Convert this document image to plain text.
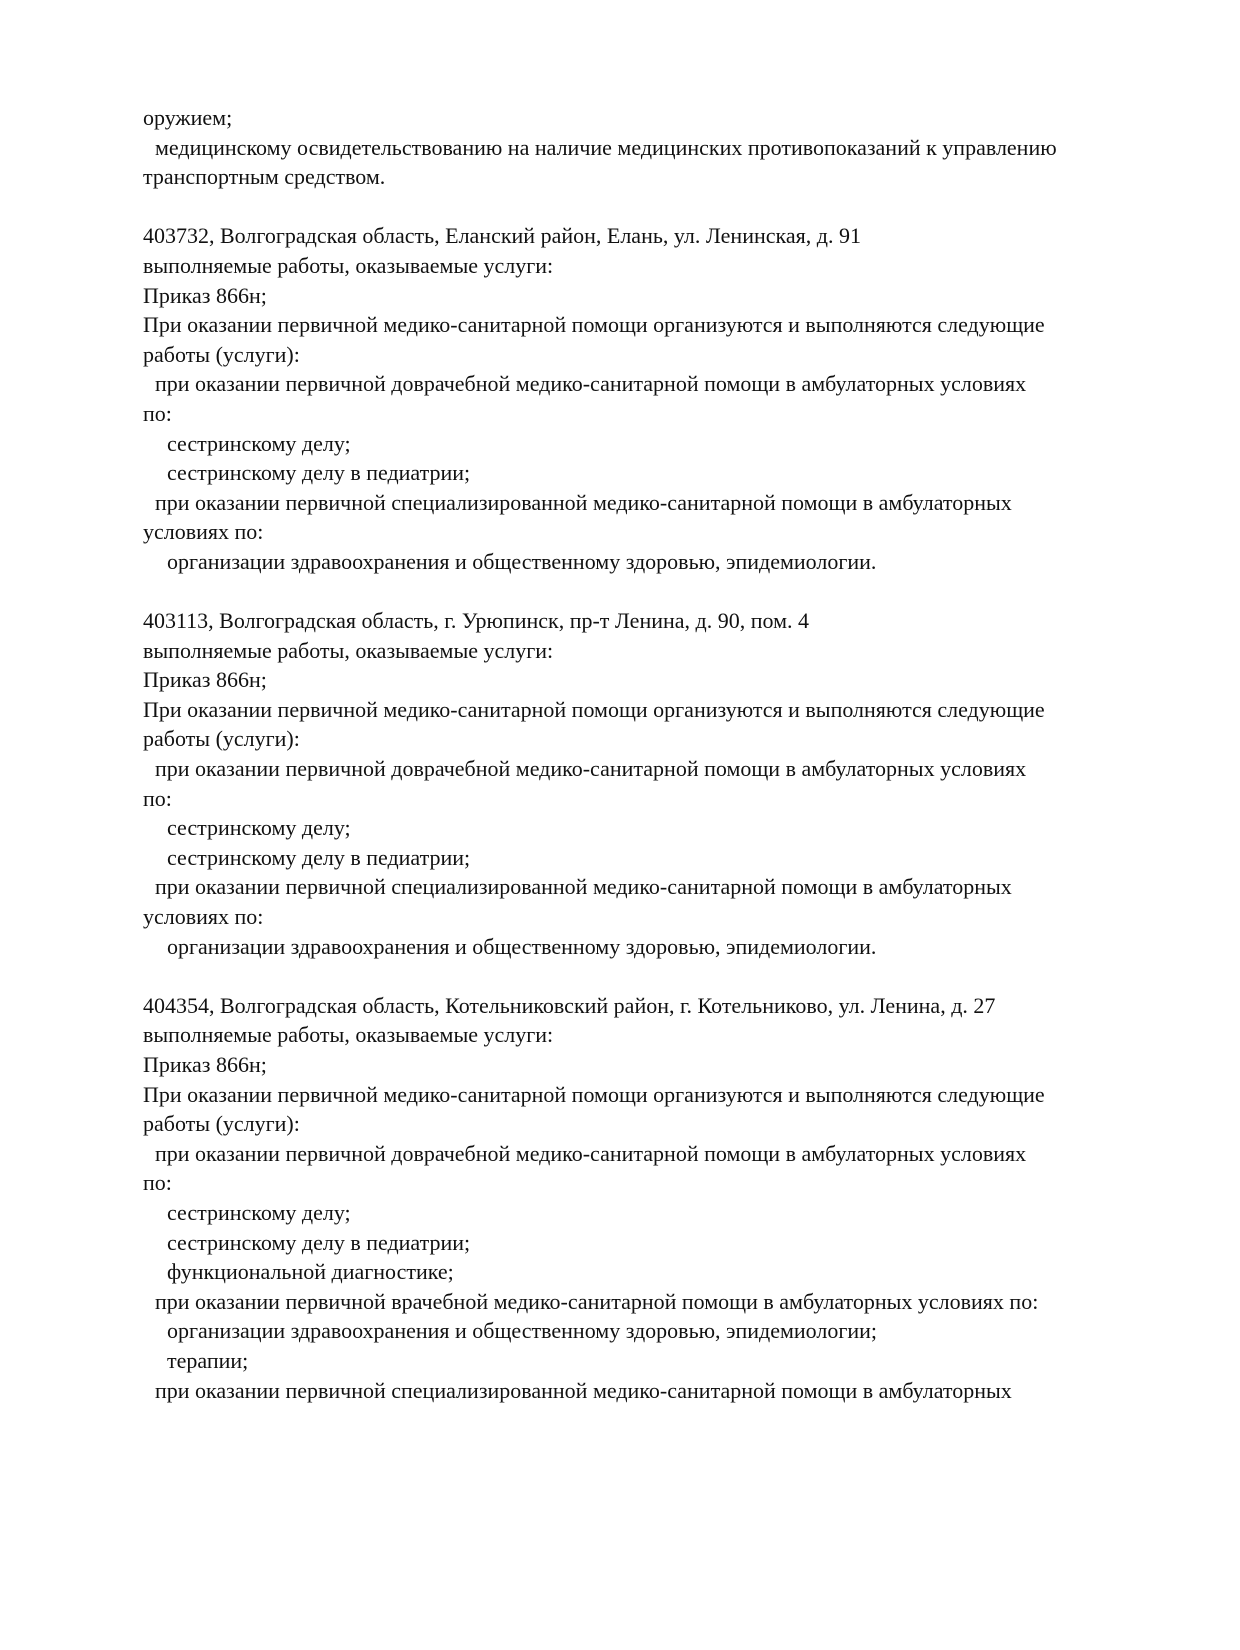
оружием;
медицинскому освидетельствованию на наличие медицинских противопоказаний к управлению
транспортным средством.
403732, Волгоградская область, Еланский район, Елань, ул. Ленинская, д. 91
выполняемые работы, оказываемые услуги:
Приказ 866н;
При оказании первичной медико-санитарной помощи организуются и выполняются следующие
работы (услуги):
при оказании первичной доврачебной медико-санитарной помощи в амбулаторных условиях
по:
сестринскому делу;
сестринскому делу в педиатрии;
при оказании первичной специализированной медико-санитарной помощи в амбулаторных
условиях по:
организации здравоохранения и общественному здоровью, эпидемиологии.
403113, Волгоградская область, г. Урюпинск, пр-т Ленина, д. 90, пом. 4
выполняемые работы, оказываемые услуги:
Приказ 866н;
При оказании первичной медико-санитарной помощи организуются и выполняются следующие
работы (услуги):
при оказании первичной доврачебной медико-санитарной помощи в амбулаторных условиях
по:
сестринскому делу;
сестринскому делу в педиатрии;
при оказании первичной специализированной медико-санитарной помощи в амбулаторных
условиях по:
организации здравоохранения и общественному здоровью, эпидемиологии.
404354, Волгоградская область, Котельниковский район, г. Котельниково, ул. Ленина, д. 27
выполняемые работы, оказываемые услуги:
Приказ 866н;
При оказании первичной медико-санитарной помощи организуются и выполняются следующие
работы (услуги):
при оказании первичной доврачебной медико-санитарной помощи в амбулаторных условиях
по:
сестринскому делу;
сестринскому делу в педиатрии;
функциональной диагностике;
при оказании первичной врачебной медико-санитарной помощи в амбулаторных условиях по:
организации здравоохранения и общественному здоровью, эпидемиологии;
терапии;
при оказании первичной специализированной медико-санитарной помощи в амбулаторных
